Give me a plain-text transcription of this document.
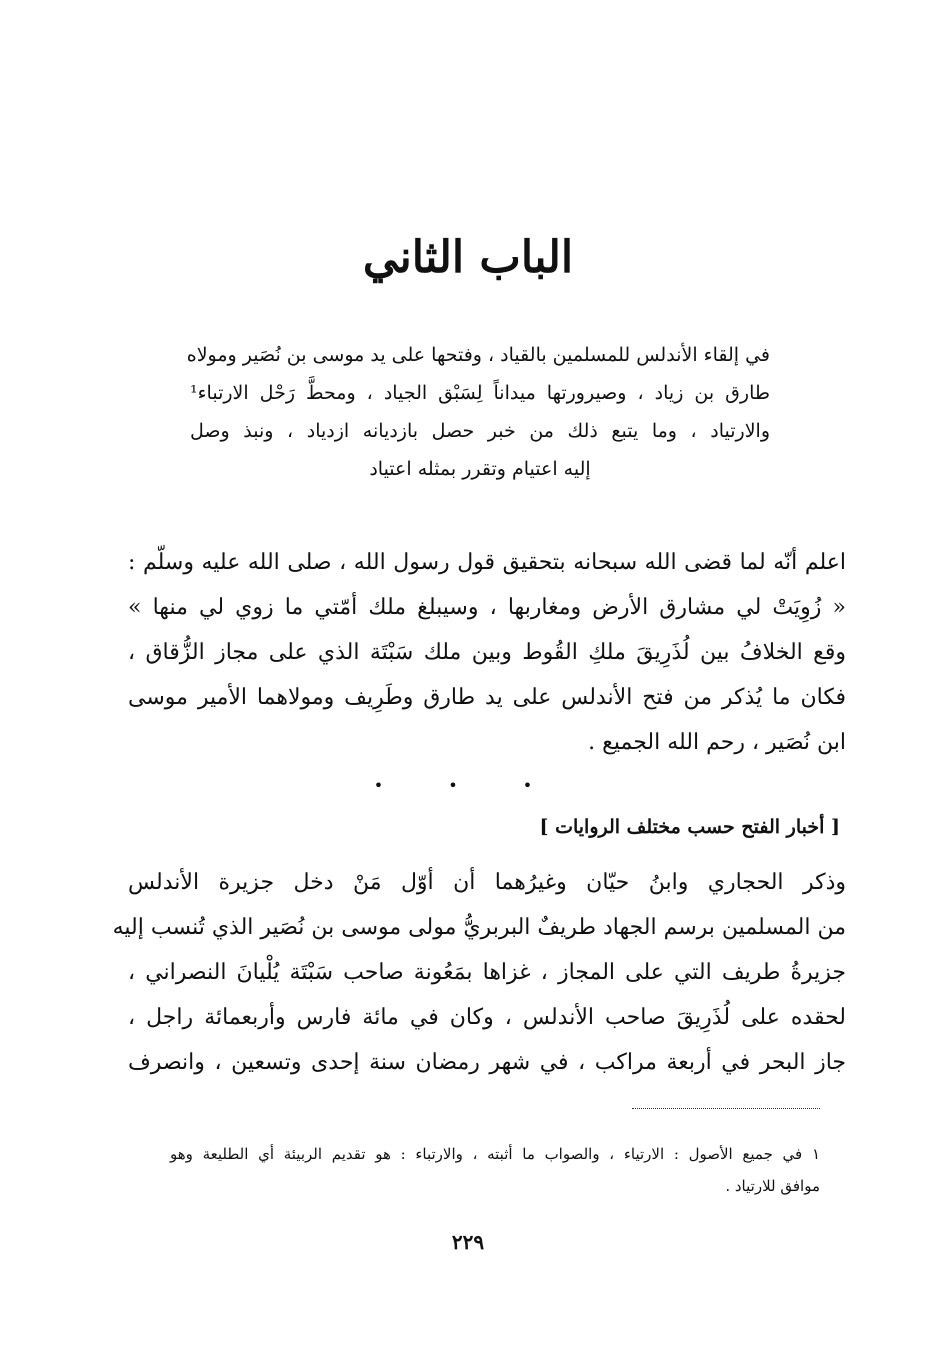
الباب الثاني
في إلقاء الأندلس للمسلمين بالقياد ، وفتحها على يد موسى بن نُصَير ومولاه
طارق بن زياد ، وصيرورتها ميداناً لِسَبْق الجياد ، ومحطَّ رَحْل الارتباء¹
والارتياد ، وما يتبع ذلك من خبر حصل بازديانه ازدياد ، ونبذ وصل
إليه اعتيام وتقرر بمثله اعتياد
اعلم أنّه لما قضى الله سبحانه بتحقيق قول رسول الله ، صلى الله عليه وسلّم :
« زُوِيَتْ لي مشارق الأرض ومغاربها ، وسيبلغ ملك أمّتي ما زوي لي منها »
وقع الخلافُ بين لُذَرِيقَ ملكِ القُوط وبين ملك سَبْتَة الذي على مجاز الزُّقاق ،
فكان ما يُذكر من فتح الأندلس على يد طارق وطَرِيف ومولاهما الأمير موسى
ابن نُصَير ، رحم الله الجميع .
• • •
[ أخبار الفتح حسب مختلف الروايات ]
وذكر الحجاري وابنُ حيّان وغيرُهما أن أوّل مَنْ دخل جزيرة الأندلس
من المسلمين برسم الجهاد طريفٌ البربريُّ مولى موسى بن نُصَير الذي تُنسب إليه
جزيرةُ طريف التي على المجاز ، غزاها بمَعُونة صاحب سَبْتَة يُلْيانَ النصراني ،
لحقده على لُذَرِيقَ صاحب الأندلس ، وكان في مائة فارس وأربعمائة راجل ،
جاز البحر في أربعة مراكب ، في شهر رمضان سنة إحدى وتسعين ، وانصرف
١ في جميع الأصول : الارتياء ، والصواب ما أثبته ، والارتباء : هو تقديم الربيئة أي الطليعة وهو
موافق للارتياد .
٢٢٩
